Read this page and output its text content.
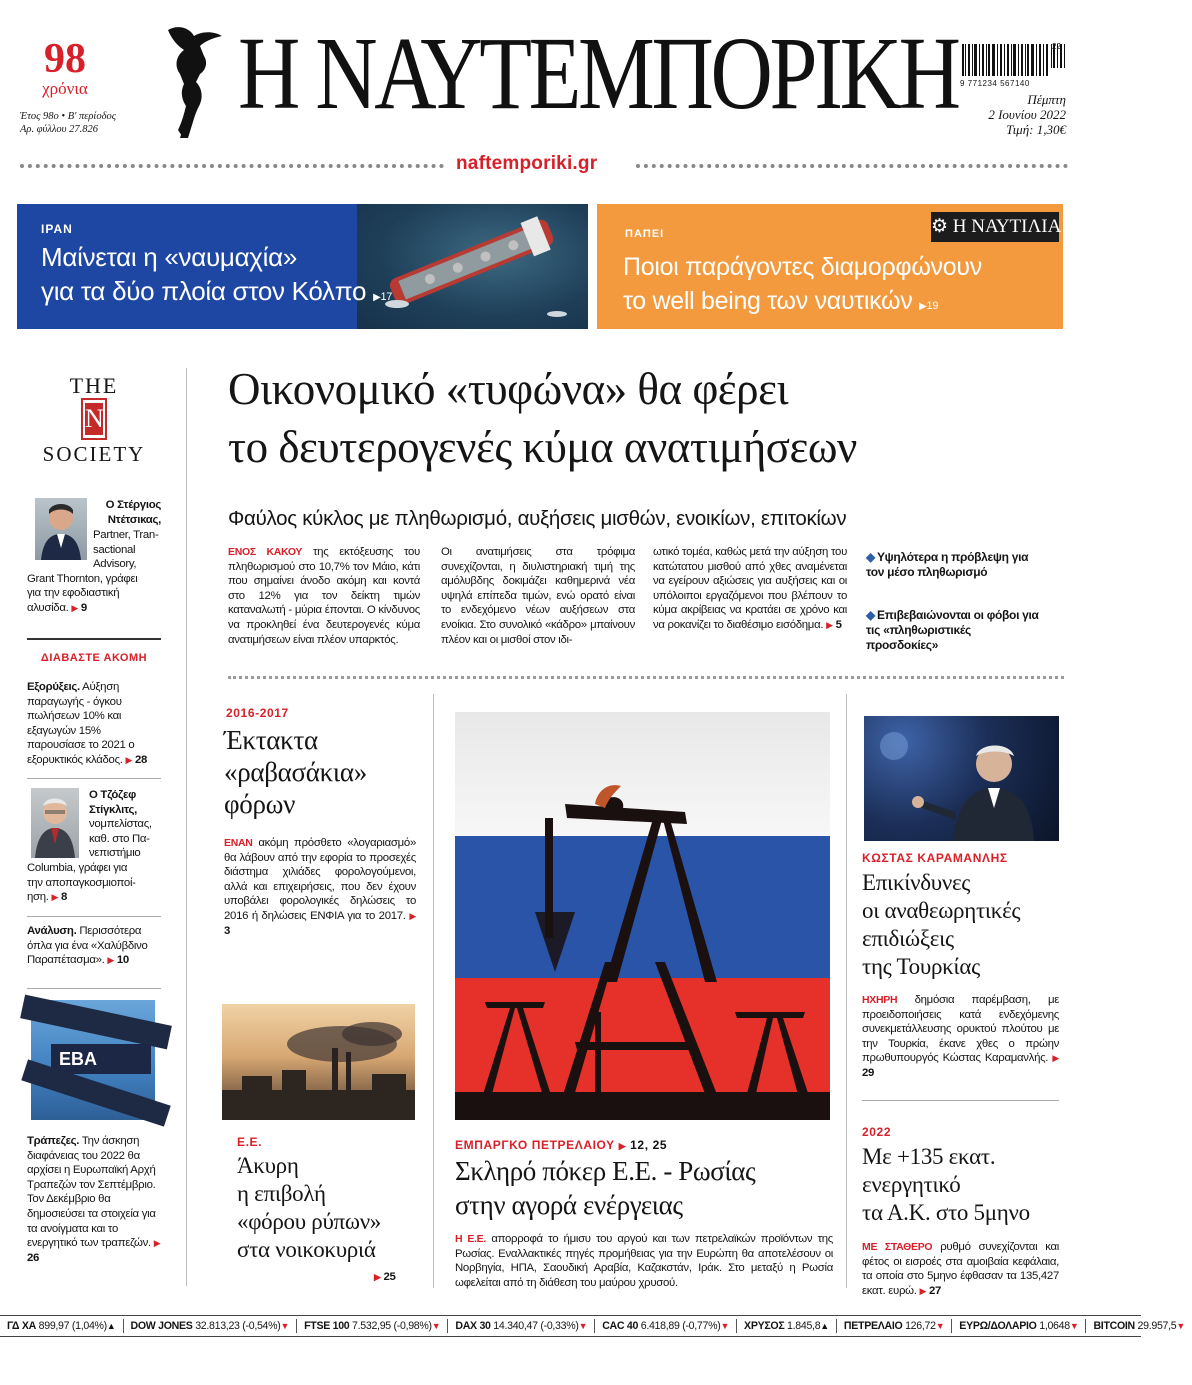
98
χρόνια
Έτος 98ο • Β' περίοδος
Αρ. φύλλου 27.826 Η ΝΑΥΤΕΜΠΟΡΙΚΗ	22
9 771234 567140
Πέμπτη
2 Ιουνίου 2022
Τιμή: 1,30€
naftemporiki.gr
ΙΡΑΝ
Μαίνεται η «ναυμαχία»
για τα δύο πλοία στον Κόλπο ▶17
⚙ Η ΝΑΥΤΙΛΙΑ
ΠΑΠΕΙ
Ποιοι παράγοντες διαμορφώνουν
το well being των ναυτικών ▶19
THE
N
SOCIETY
Ο Στέργιος Ντέτσικας,
Partner, Tran-
sactional
Advisory,
Grant Thornton, γράφει
για την εφοδιαστική
αλυσίδα. ▶ 9
ΔΙΑΒΑΣΤΕ ΑΚΟΜΗ
Εξορύξεις. Αύξηση παραγωγής - όγκου πωλήσεων 10% και εξαγωγών 15% παρουσίασε το 2021 ο εξορυκτικός κλάδος. ▶ 28
Ο Τζόζεφ
Στίγκλιτς,
νομπελίστας,
καθ. στο Πα-
νεπιστήμιο
Columbia, γράφει για
την αποπαγκοσμιοποί-
ηση. ▶ 8
Ανάλυση. Περισσότερα όπλα για ένα «Χαλύβδινο Παραπέτασμα». ▶ 10
EBA
Τράπεζες. Την άσκηση διαφάνειας του 2022 θα αρχίσει η Ευρωπαϊκή Αρχή Τραπεζών τον Σεπτέμβριο. Τον Δεκέμβριο θα δημοσιεύσει τα στοιχεία για τα ανοίγματα και το ενεργητικό των τραπεζών. ▶ 26
Οικονομικό «τυφώνα» θα φέρει
το δευτερογενές κύμα ανατιμήσεων
Φαύλος κύκλος με πληθωρισμό, αυξήσεις μισθών, ενοικίων, επιτοκίων
ΕΝΟΣ ΚΑΚΟΥ της εκτόξευσης του πληθωρισμού στο 10,7% τον Μάιο, κάτι που σημαίνει άνοδο ακόμη και κοντά στο 12% για τον δείκτη τιμών καταναλωτή - μύρια έπονται. Ο κίνδυνος να προκληθεί ένα δευτερογενές κύμα ανατιμήσεων είναι πλέον υπαρκτός.
Οι ανατιμήσεις στα τρόφιμα συνεχίζονται, η διυλιστηριακή τιμή της αμόλυβδης δοκιμάζει καθημερινά νέα υψηλά επίπεδα τιμών, ενώ ορατό είναι το ενδεχόμενο νέων αυξήσεων στα ενοίκια. Στο συνολικό «κάδρο» μπαίνουν πλέον και οι μισθοί στον ιδι-
ωτικό τομέα, καθώς μετά την αύξηση του κατώτατου μισθού από χθες αναμένεται να εγείρουν αξιώσεις για αυξήσεις και οι υπόλοιποι εργαζόμενοι που βλέπουν το κύμα ακρίβειας να κρατάει σε χρόνο και να ροκανίζει το διαθέσιμο εισόδημα. ▶ 5
◆ Υψηλότερα η πρόβλεψη για τον μέσο πληθωρισμό
◆ Επιβεβαιώνονται οι φόβοι για τις «πληθωριστικές προσδοκίες»
2016-2017
Έκτακτα
«ραβασάκια»
φόρων
ΕΝΑΝ ακόμη πρόσθετο «λογαριασμό» θα λάβουν από την εφορία το προσεχές διάστημα χιλιάδες φορολογούμενοι, αλλά και επιχειρήσεις, που δεν έχουν υποβάλει φορολογικές δηλώσεις το 2016 ή δηλώσεις ΕΝΦΙΑ για το 2017. ▶ 3
Ε.Ε.
Άκυρη
η επιβολή
«φόρου ρύπων»
στα νοικοκυριά
▶ 25
ΕΜΠΑΡΓΚΟ ΠΕΤΡΕΛΑΙΟΥ ▶ 12, 25
Σκληρό πόκερ Ε.Ε. - Ρωσίας
στην αγορά ενέργειας
Η Ε.Ε. απορροφά το ήμισυ του αργού και των πετρελαϊκών προϊόντων της Ρωσίας. Εναλλακτικές πηγές προμήθειας για την Ευρώπη θα αποτελέσουν οι Νορβηγία, ΗΠΑ, Σαουδική Αραβία, Καζακστάν, Ιράκ. Στο μεταξύ η Ρωσία ωφελείται από τη διάθεση του μαύρου χρυσού.
ΚΩΣΤΑΣ ΚΑΡΑΜΑΝΛΗΣ
Επικίνδυνες
οι αναθεωρητικές
επιδιώξεις
της Τουρκίας
ΗΧΗΡΗ δημόσια παρέμβαση, με προειδοποιήσεις κατά ενδεχόμενης συνεκμετάλλευσης ορυκτού πλούτου με την Τουρκία, έκανε χθες ο πρώην πρωθυπουργός Κώστας Καραμανλής. ▶ 29
2022
Με +135 εκατ.
ενεργητικό
τα Α.Κ. στο 5μηνο
ΜΕ ΣΤΑΘΕΡΟ ρυθμό συνεχίζονται και φέτος οι εισροές στα αμοιβαία κεφάλαια, τα οποία στο 5μηνο έφθασαν τα 135,427 εκατ. ευρώ. ▶ 27
ΓΔ ΧΑ 899,97 (1,04%)▲	DOW JONES 32.813,23 (-0,54%)▼	FTSE 100 7.532,95 (-0,98%)▼	DAX 30 14.340,47 (-0,33%)▼	CAC 40 6.418,89 (-0,77%)▼	ΧΡΥΣΟΣ 1.845,8▲	ΠΕΤΡΕΛΑΙΟ 126,72▼	ΕΥΡΩ/ΔΟΛΑΡΙΟ 1,0648▼	BITCOIN 29.957,5▼
